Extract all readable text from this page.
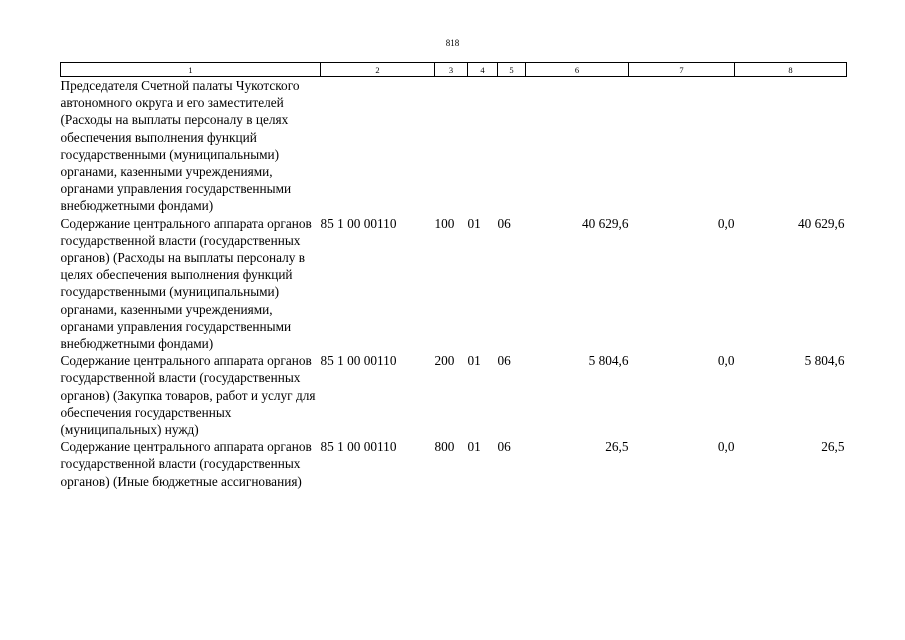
818
1	2	3	4	5	6	7	8
Председателя Счетной палаты Чукотского автономного округа и его заместителей (Расходы на выплаты персоналу в целях обеспечения выполнения функций государственными (муниципальными) органами, казенными учреждениями, органами управления государственными внебюджетными фондами)							
Содержание центрального аппарата органов государственной власти (государственных органов) (Расходы на выплаты персоналу в целях обеспечения выполнения функций государственными (муниципальными) органами, казенными учреждениями, органами управления государственными внебюджетными фондами)	85 1 00 00110	100	01	06	40 629,6	0,0	40 629,6
Содержание центрального аппарата органов государственной власти (государственных органов) (Закупка товаров, работ и услуг для обеспечения государственных (муниципальных) нужд)	85 1 00 00110	200	01	06	5 804,6	0,0	5 804,6
Содержание центрального аппарата органов государственной власти (государственных органов) (Иные бюджетные ассигнования)	85 1 00 00110	800	01	06	26,5	0,0	26,5
